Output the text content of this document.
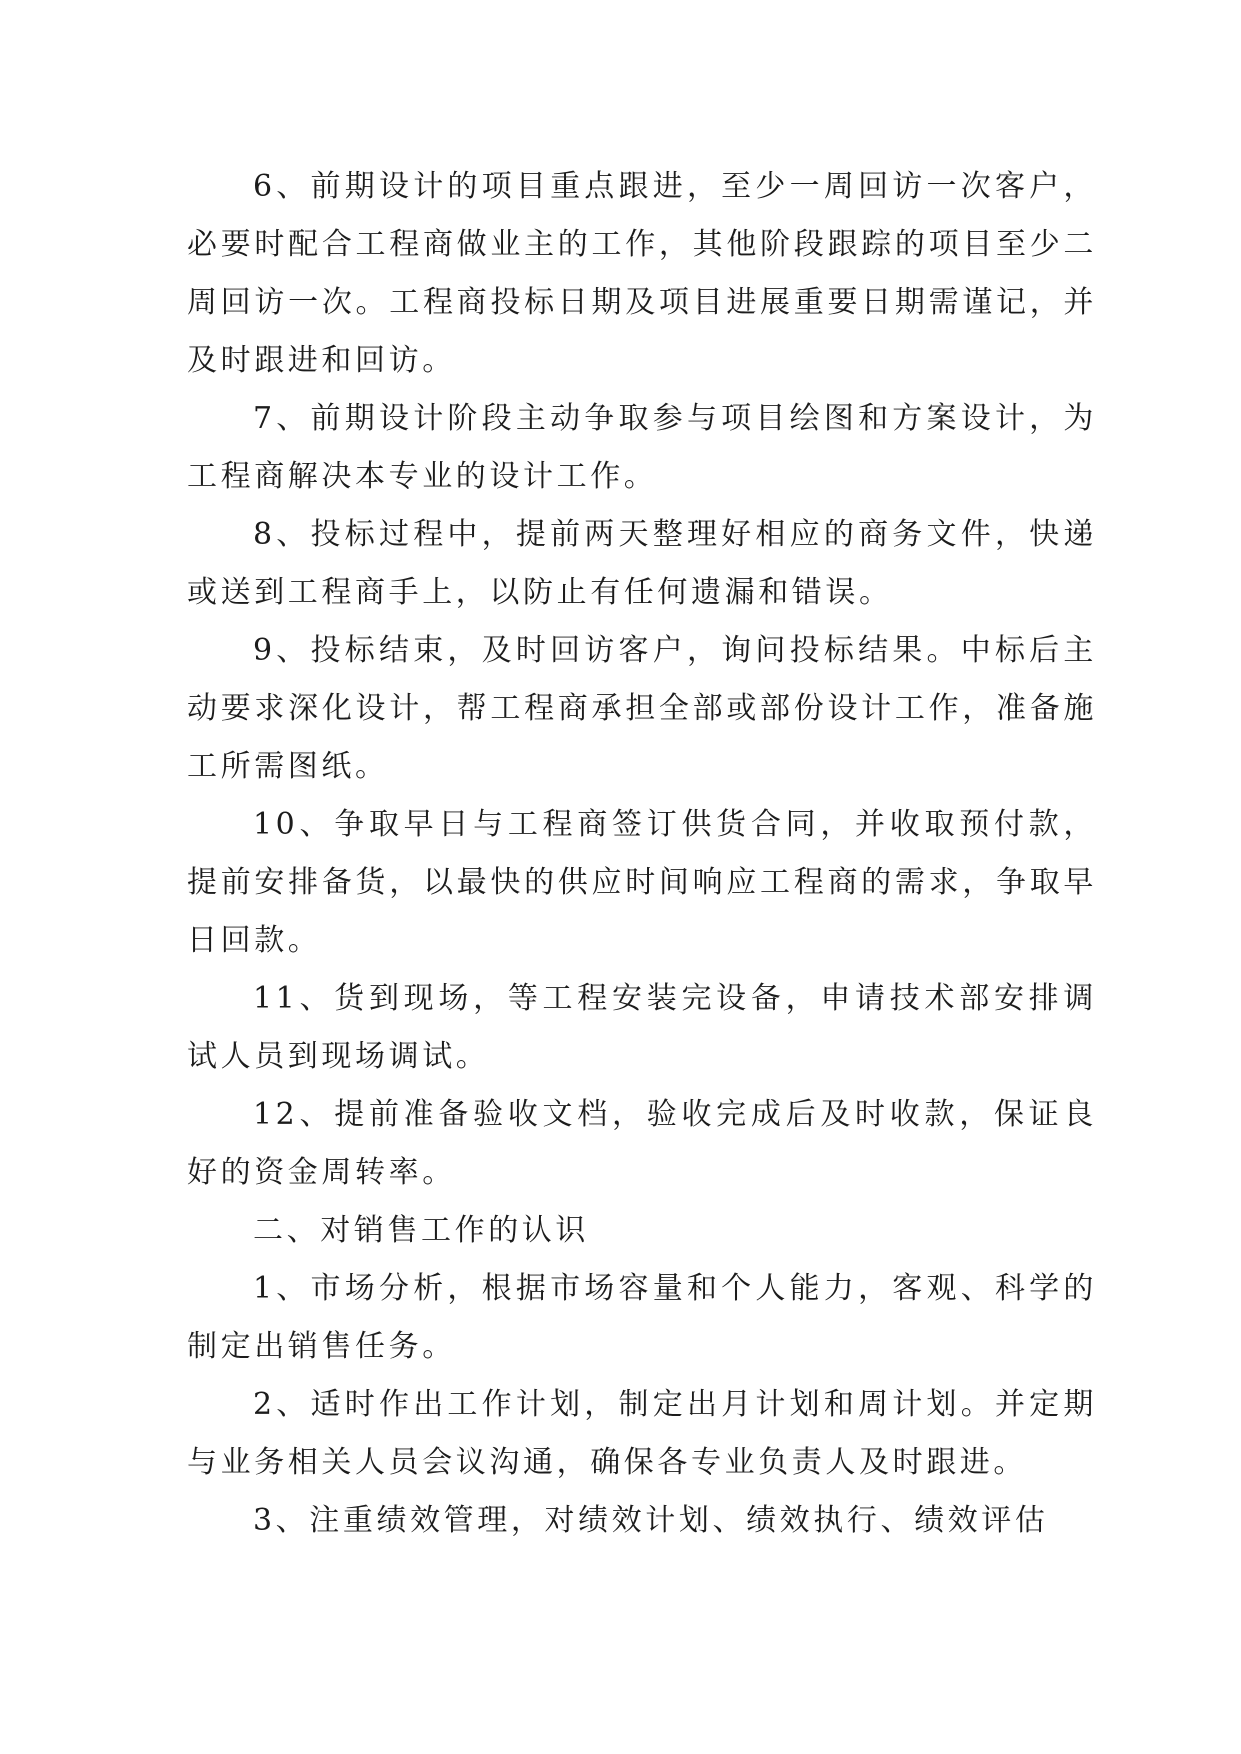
6、前期设计的项目重点跟进，至少一周回访一次客户，必要时配合工程商做业主的工作，其他阶段跟踪的项目至少二周回访一次。工程商投标日期及项目进展重要日期需谨记，并及时跟进和回访。

7、前期设计阶段主动争取参与项目绘图和方案设计，为工程商解决本专业的设计工作。

8、投标过程中，提前两天整理好相应的商务文件，快递或送到工程商手上，以防止有任何遗漏和错误。

9、投标结束，及时回访客户，询问投标结果。中标后主动要求深化设计，帮工程商承担全部或部份设计工作，准备施工所需图纸。

10、争取早日与工程商签订供货合同，并收取预付款，提前安排备货，以最快的供应时间响应工程商的需求，争取早日回款。

11、货到现场，等工程安装完设备，申请技术部安排调试人员到现场调试。

12、提前准备验收文档，验收完成后及时收款，保证良好的资金周转率。

二、对销售工作的认识

1、市场分析，根据市场容量和个人能力，客观、科学的制定出销售任务。

2、适时作出工作计划，制定出月计划和周计划。并定期与业务相关人员会议沟通，确保各专业负责人及时跟进。

3、注重绩效管理，对绩效计划、绩效执行、绩效评估
